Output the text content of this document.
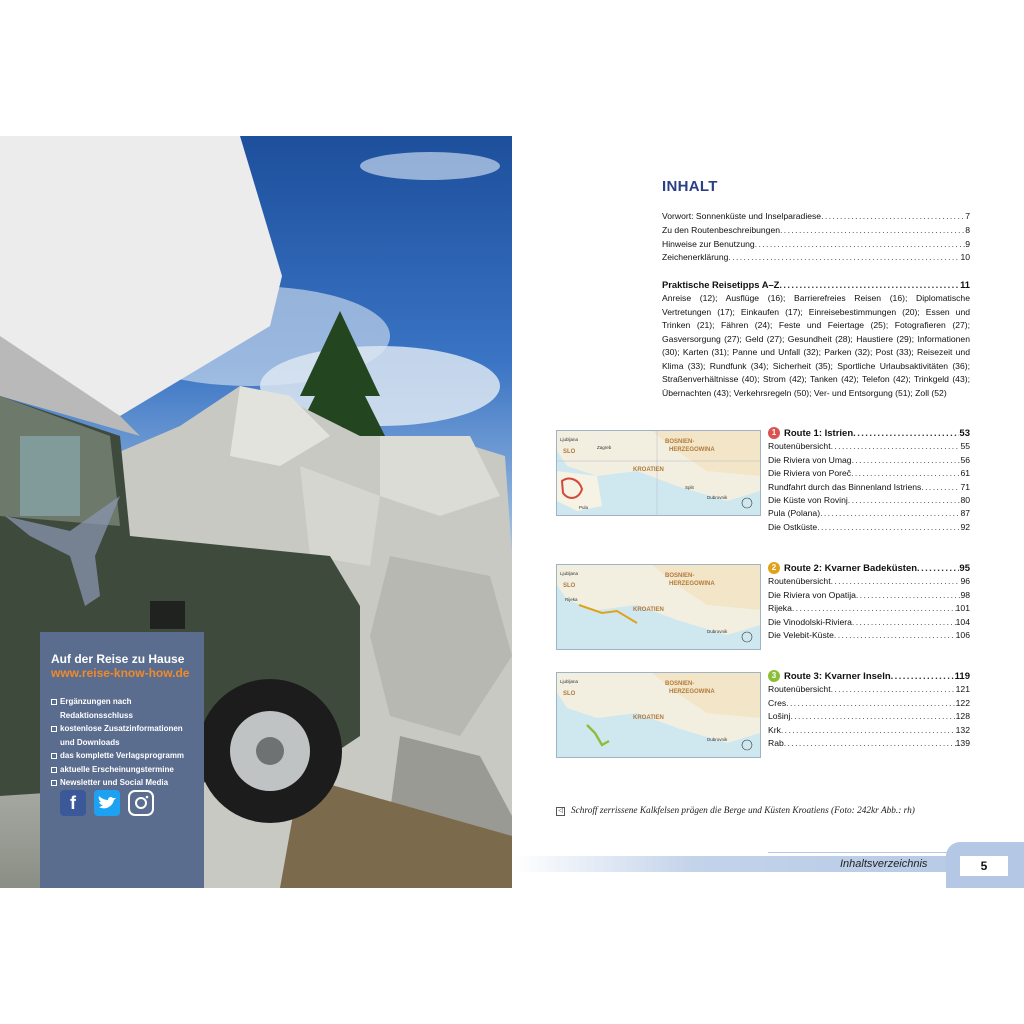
Auf der Reise zu Hause
www.reise-know-how.de
Ergänzungen nach Redaktionsschluss
kostenlose Zusatzinformationen
und Downloads
das komplette Verlagsprogramm
aktuelle Erscheinungstermine
Newsletter und Social Media
f
INHALT
Vorwort: Sonnenküste und Inselparadiese .....	7
Zu den Routenbeschreibungen .....	8
Hinweise zur Benutzung .....	9
Zeichenerklärung .....	10
Praktische Reisetipps A–Z .....	11
Anreise (12); Ausflüge (16); Barrierefreies Reisen (16); Diplomatische Vertretungen (17); Einkaufen (17); Einreisebestimmungen (20); Essen und Trinken (21); Fähren (24); Feste und Feiertage (25); Fotografieren (27); Gasversorgung (27); Geld (27); Gesundheit (28); Haustiere (29); Informationen (30); Karten (31); Panne und Unfall (32); Parken (32); Post (33); Reisezeit und Klima (33); Rundfunk (34); Sicherheit (35); Sportliche Urlaubsaktivitäten (36); Straßenverhältnisse (40); Strom (42); Tanken (42); Telefon (42); Trinkgeld (43); Übernachten (43); Verkehrsregeln (50); Ver- und Entsorgung (51); Zoll (52)
BOSNIEN-
HERZEGOWINA
KROATIEN
SLO
Ljubljana
Zagreb
Dubrovnik
Pula
Split
BOSNIEN-
HERZEGOWINA
KROATIEN
SLO
Ljubljana
Rijeka
Dubrovnik
BOSNIEN-
HERZEGOWINA
KROATIEN
SLO
Ljubljana
Dubrovnik
1 Route 1: Istrien .....	53
Routenübersicht .....	55
Die Riviera von Umag .....	56
Die Riviera von Poreč .....	61
Rundfahrt durch das Binnenland Istriens .....	71
Die Küste von Rovinj .....	80
Pula (Polana) .....	87
Die Ostküste .....	92
2 Route 2: Kvarner Badeküsten .....	95
Routenübersicht .....	96
Die Riviera von Opatija .....	98
Rijeka .....	101
Die Vinodolski-Riviera .....	104
Die Velebit-Küste .....	106
3 Route 3: Kvarner Inseln .....	119
Routenübersicht .....	121
Cres .....	122
Lošinj .....	128
Krk .....	132
Rab .....	139
◁ Schroff zerrissene Kalkfelsen prägen die Berge und Küsten Kroatiens (Foto: 242kr Abb.: rh)
Inhaltsverzeichnis	5
